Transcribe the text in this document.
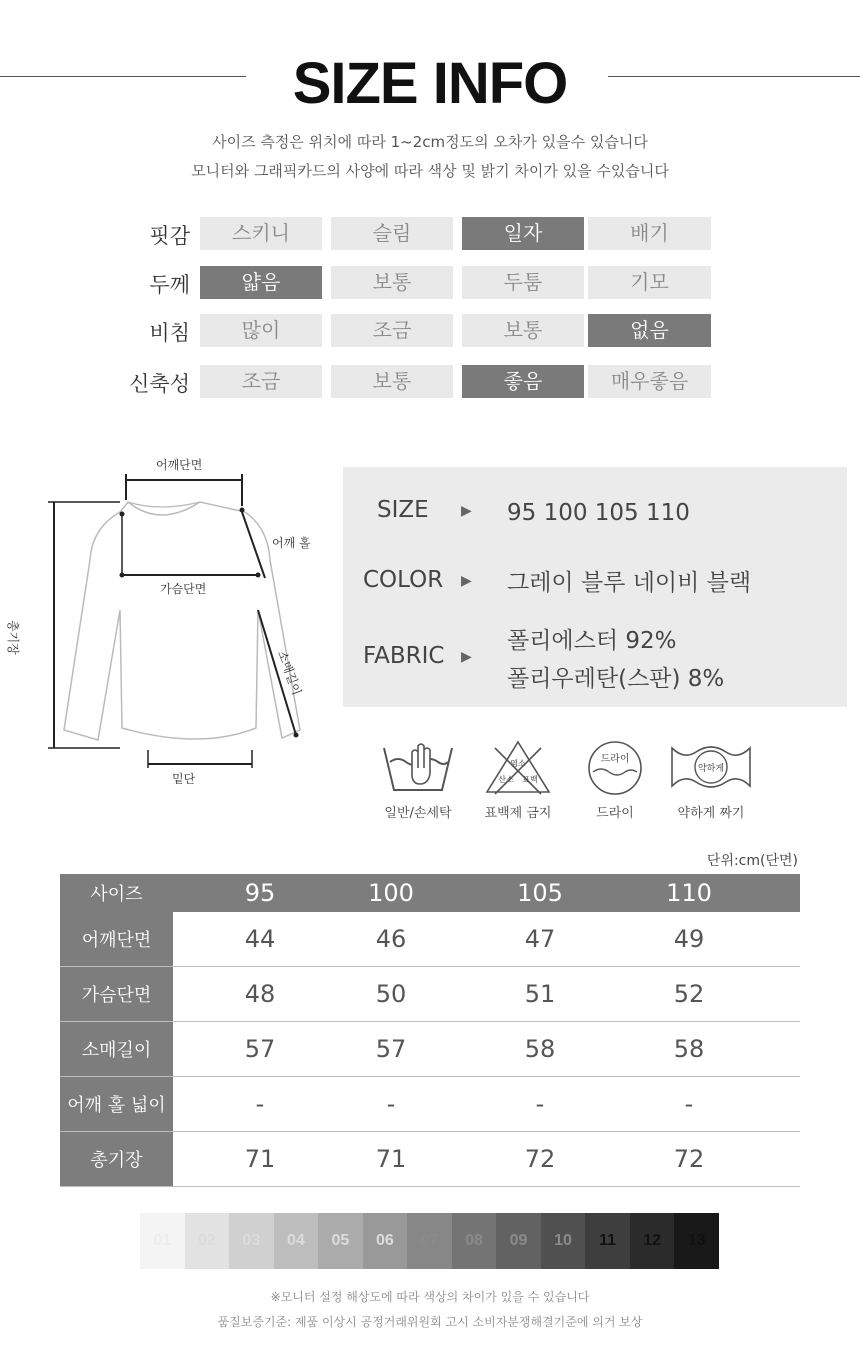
SIZE INFO
사이즈 측정은 위치에 따라 1~2cm정도의 오차가 있을수 있습니다
모니터와 그래픽카드의 사양에 따라 색상 및 밝기 차이가 있을 수있습니다
핏감	스키니	슬림	일자	배기
두께	얇음	보통	두툼	기모
비침	많이	조금	보통	없음
신축성	조금	보통	좋음	매우좋음
어깨단면
어깨 홀
가슴단면
총기장
소매길이
밑단
SIZE	▶ 95 100 105 110
COLOR	▶ 그레이 블루 네이비 블랙
FABRIC	▶
폴리에스터 92%
폴리우레탄(스판) 8%
일반/손세탁
염소
산소 표백
표백제 금지
드라이
드라이
약하게
약하게 짜기
단위:cm(단면)
사이즈	95	100	105	110
어깨단면	44	46	47	49
가슴단면	48	50	51	52
소매길이	57	57	58	58
어깨 홀 넓이	-	-	-	-
총기장	71	71	72	72
01	02	03	04	05	06	07	08	09	10	11	12	13
※모니터 설정 해상도에 따라 색상의 차이가 있을 수 있습니다
품질보증기준: 제품 이상시 공정거래위원회 고시 소비자분쟁해결기준에 의거 보상
